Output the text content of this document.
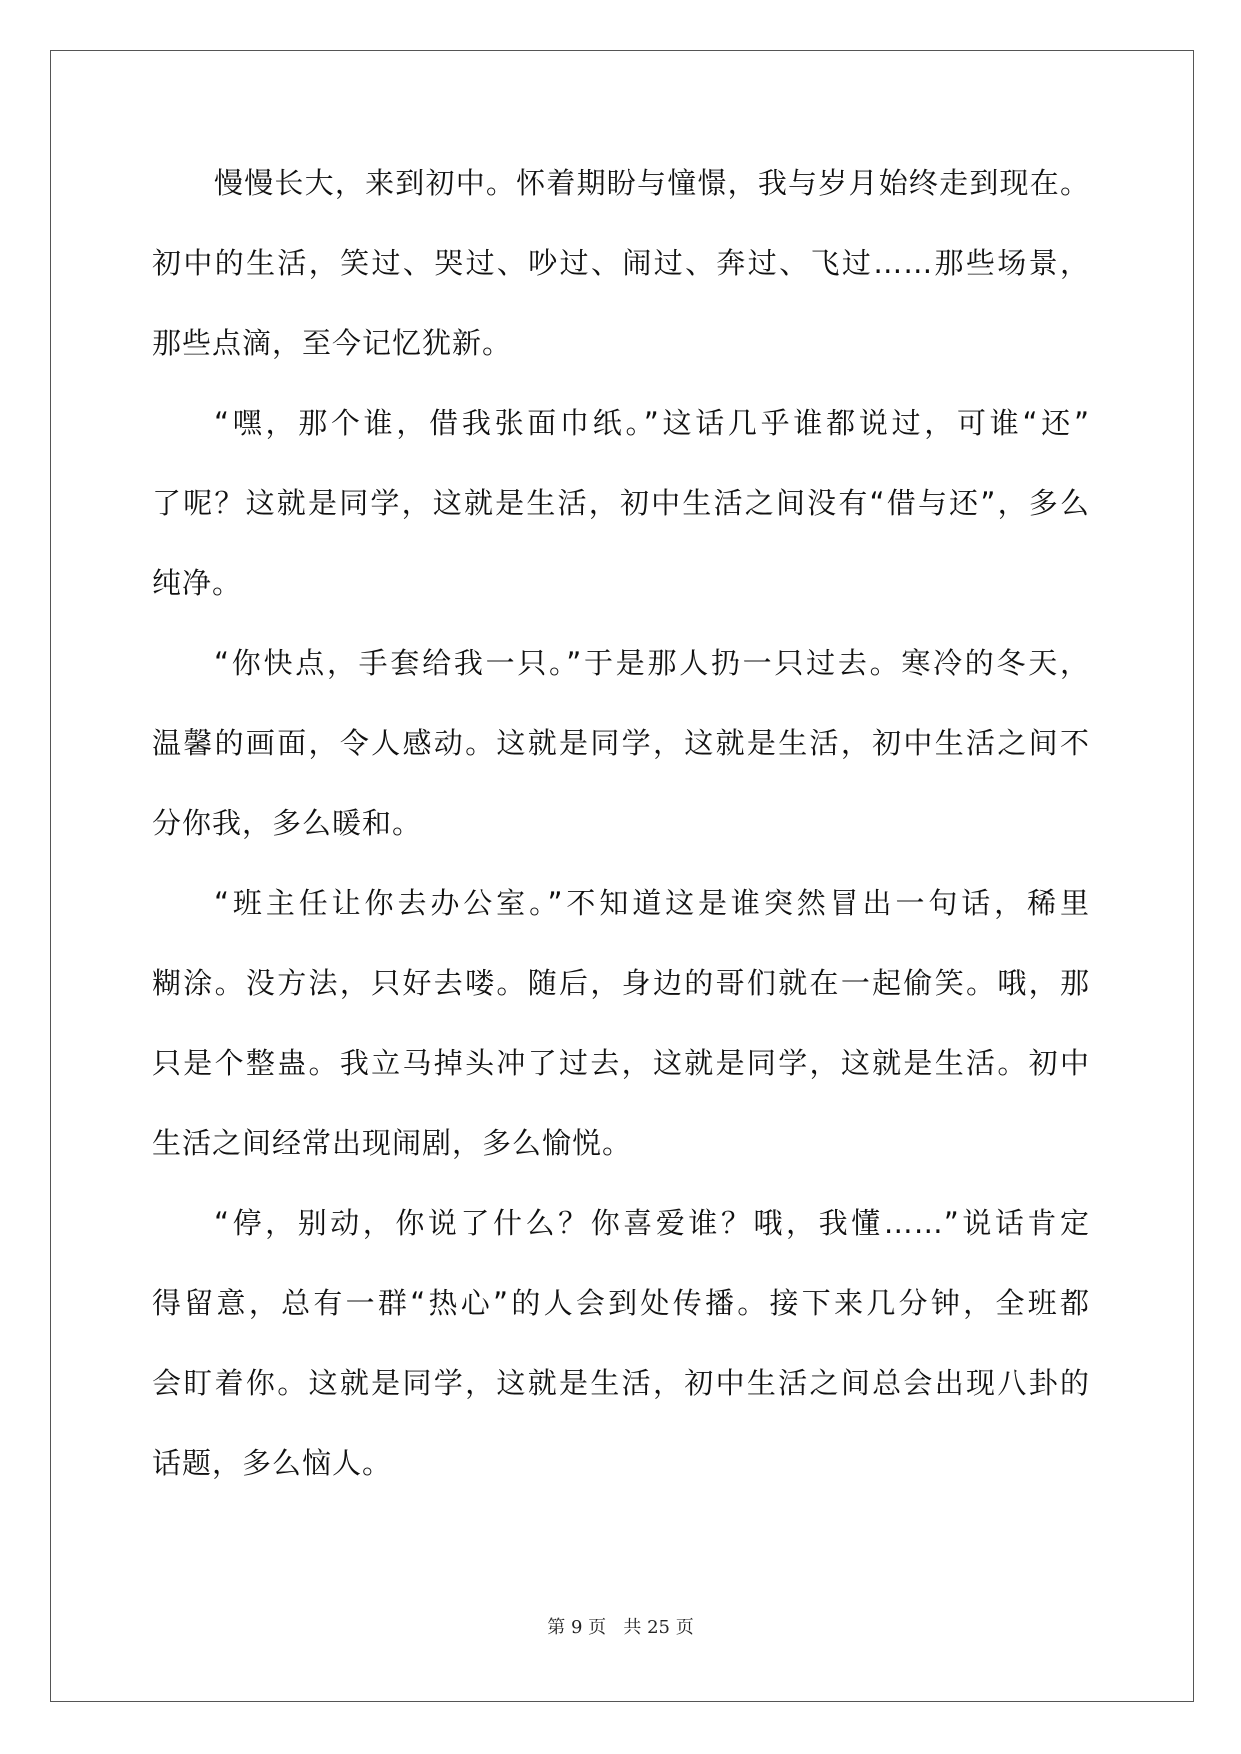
慢慢长大，来到初中。怀着期盼与憧憬，我与岁月始终走到现在。
初中的生活，笑过、哭过、吵过、闹过、奔过、飞过……那些场景，
那些点滴，至今记忆犹新。
“嘿，那个谁，借我张面巾纸。”这话几乎谁都说过，可谁“还”
了呢？这就是同学，这就是生活，初中生活之间没有“借与还”，多么
纯净。
“你快点，手套给我一只。”于是那人扔一只过去。寒冷的冬天，
温馨的画面，令人感动。这就是同学，这就是生活，初中生活之间不
分你我，多么暖和。
“班主任让你去办公室。”不知道这是谁突然冒出一句话，稀里
糊涂。没方法，只好去喽。随后，身边的哥们就在一起偷笑。哦，那
只是个整蛊。我立马掉头冲了过去，这就是同学，这就是生活。初中
生活之间经常出现闹剧，多么愉悦。
“停，别动，你说了什么？你喜爱谁？哦，我懂……”说话肯定
得留意，总有一群“热心”的人会到处传播。接下来几分钟，全班都
会盯着你。这就是同学，这就是生活，初中生活之间总会出现八卦的
话题，多么恼人。
第 9 页   共 25 页
